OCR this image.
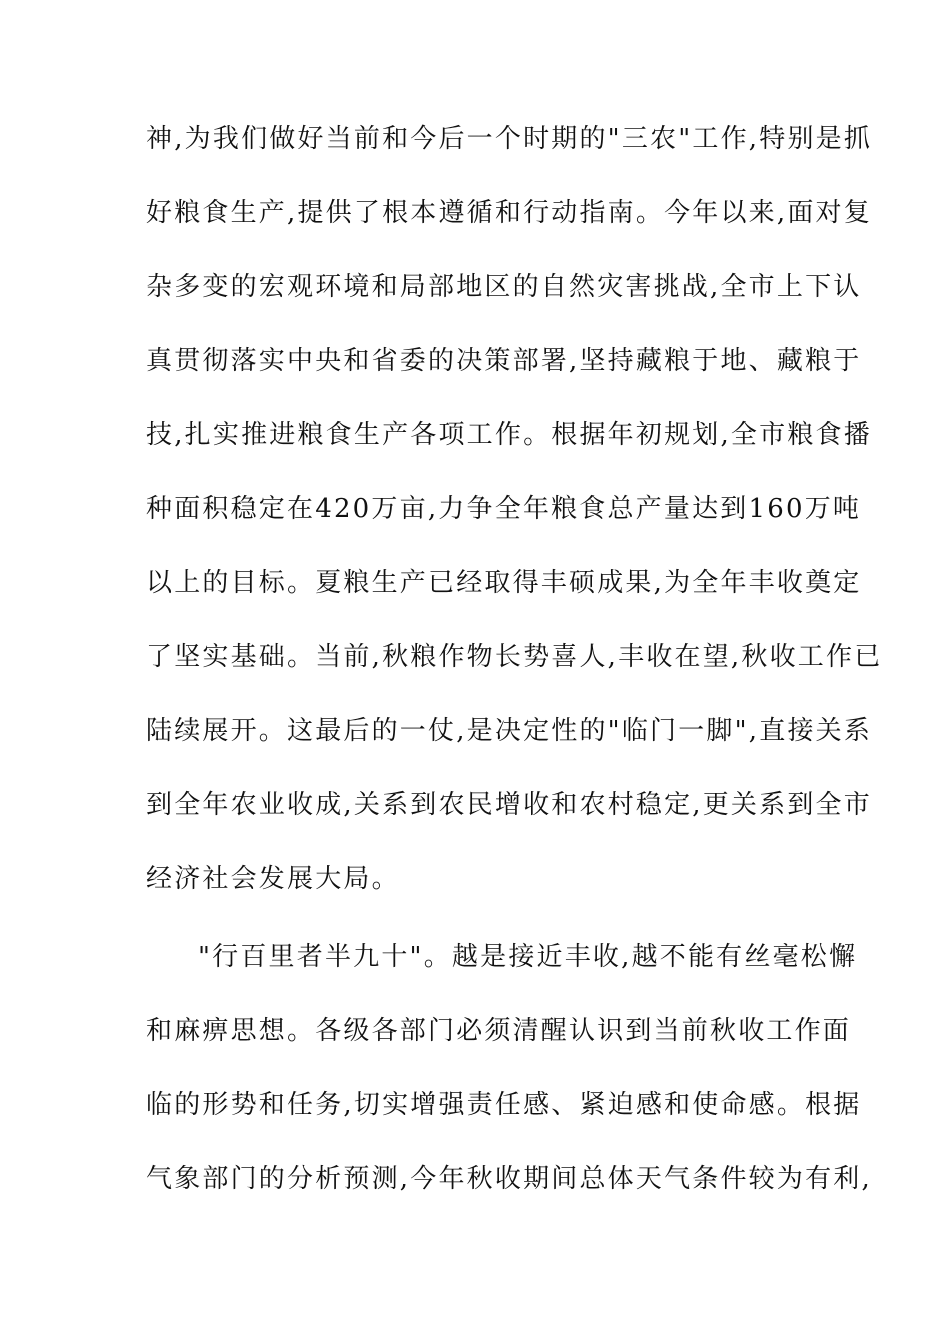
神,为我们做好当前和今后一个时期的"三农"工作,特别是抓
好粮食生产,提供了根本遵循和行动指南。今年以来,面对复
杂多变的宏观环境和局部地区的自然灾害挑战,全市上下认
真贯彻落实中央和省委的决策部署,坚持藏粮于地、藏粮于
技,扎实推进粮食生产各项工作。根据年初规划,全市粮食播
种面积稳定在420万亩,力争全年粮食总产量达到160万吨
以上的目标。夏粮生产已经取得丰硕成果,为全年丰收奠定
了坚实基础。当前,秋粮作物长势喜人,丰收在望,秋收工作已
陆续展开。这最后的一仗,是决定性的"临门一脚",直接关系
到全年农业收成,关系到农民增收和农村稳定,更关系到全市
经济社会发展大局。
"行百里者半九十"。越是接近丰收,越不能有丝毫松懈
和麻痹思想。各级各部门必须清醒认识到当前秋收工作面
临的形势和任务,切实增强责任感、紧迫感和使命感。根据
气象部门的分析预测,今年秋收期间总体天气条件较为有利,
